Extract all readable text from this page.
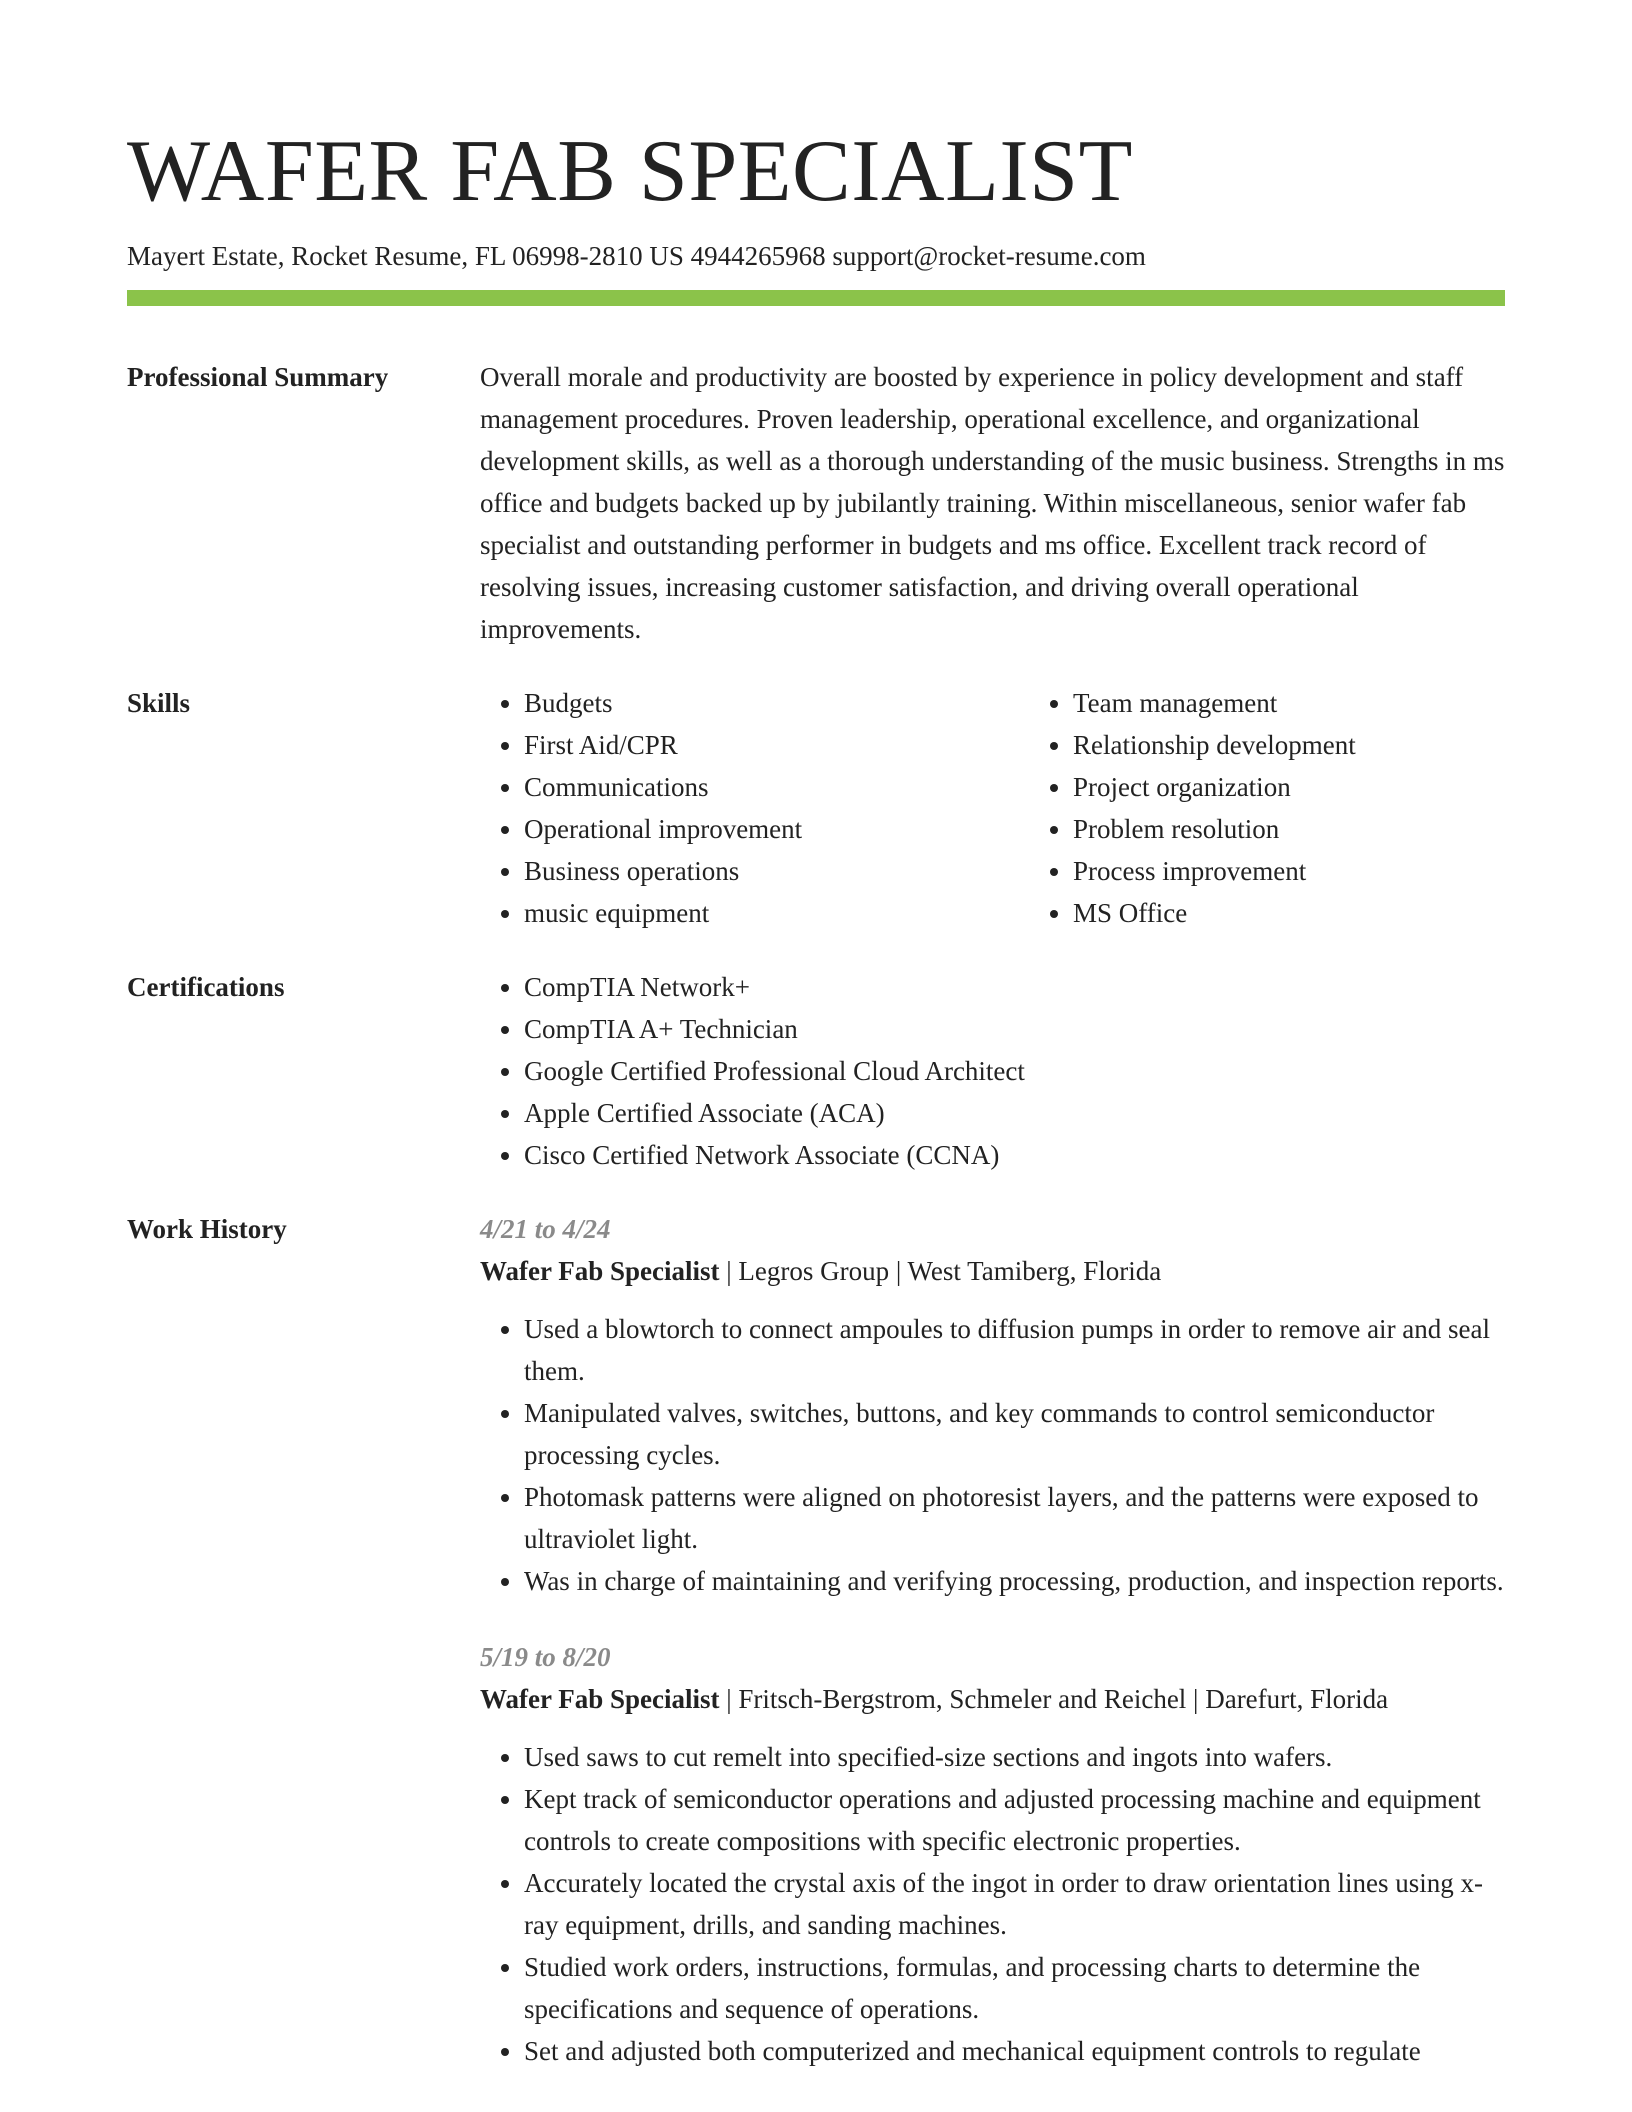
WAFER FAB SPECIALIST
Mayert Estate, Rocket Resume, FL 06998-2810 US 4944265968 support@rocket-resume.com
Professional Summary	Overall morale and productivity are boosted by experience in policy development and staff management procedures. Proven leadership, operational excellence, and organizational development skills, as well as a thorough understanding of the music business. Strengths in ms office and budgets backed up by jubilantly training. Within miscellaneous, senior wafer fab specialist and outstanding performer in budgets and ms office. Excellent track record of resolving issues, increasing customer satisfaction, and driving overall operational improvements.

Skills	• Budgets
• First Aid/CPR
• Communications
• Operational improvement
• Business operations
• music equipment
• Team management
• Relationship development
• Project organization
• Problem resolution
• Process improvement
• MS Office
Certifications	• CompTIA Network+
• CompTIA A+ Technician
• Google Certified Professional Cloud Architect
• Apple Certified Associate (ACA)
• Cisco Certified Network Associate (CCNA)
Work History	4/21 to 4/24
Wafer Fab Specialist | Legros Group | West Tamiberg, Florida
• Used a blowtorch to connect ampoules to diffusion pumps in order to remove air and seal them.
• Manipulated valves, switches, buttons, and key commands to control semiconductor processing cycles.
• Photomask patterns were aligned on photoresist layers, and the patterns were exposed to ultraviolet light.
• Was in charge of maintaining and verifying processing, production, and inspection reports.
5/19 to 8/20
Wafer Fab Specialist | Fritsch-Bergstrom, Schmeler and Reichel | Darefurt, Florida
• Used saws to cut remelt into specified-size sections and ingots into wafers.
• Kept track of semiconductor operations and adjusted processing machine and equipment controls to create compositions with specific electronic properties.
• Accurately located the crystal axis of the ingot in order to draw orientation lines using x-ray equipment, drills, and sanding machines.
• Studied work orders, instructions, formulas, and processing charts to determine the specifications and sequence of operations.
• Set and adjusted both computerized and mechanical equipment controls to regulate
